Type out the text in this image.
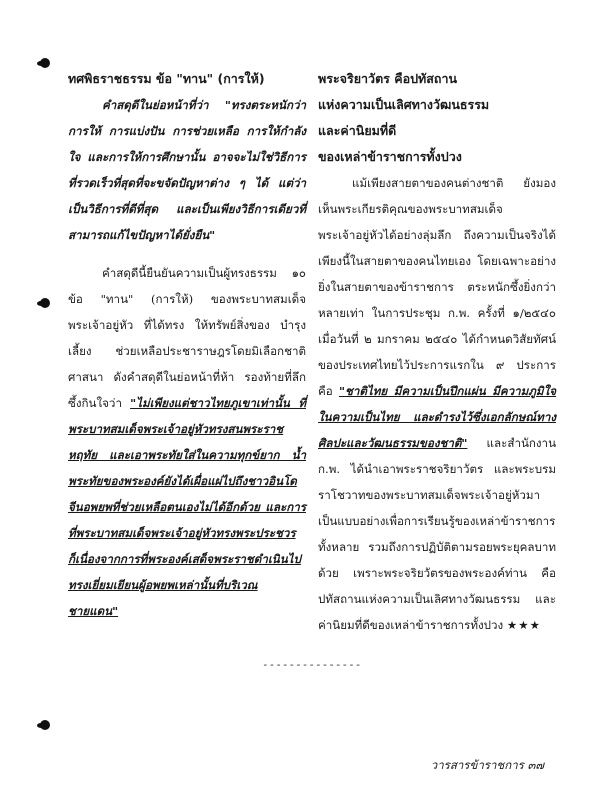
ทศพิธราชธรรม ข้อ "ทาน" (การให้)

คำสดุดีในย่อหน้าที่ว่า "ทรงตระหนักว่า การให้ การแบ่งปัน การช่วยเหลือ การให้กำลังใจ และการให้การศึกษานั้น อาจจะไม่ใช่วิธีการที่รวดเร็วที่สุดที่จะขจัดปัญหาต่าง ๆ ได้ แต่ว่า เป็นวิธีการที่ดีที่สุด และเป็นเพียงวิธีการเดียวที่สามารถแก้ไขปัญหาได้ยั่งยืน"

คำสดุดีนี้ยืนยันความเป็นผู้ทรงธรรม ๑๐ ข้อ "ทาน" (การให้) ของพระบาทสมเด็จพระเจ้าอยู่หัว ที่ได้ทรง ให้ทรัพย์สิ่งของ บำรุงเลี้ยง ช่วยเหลือประชาราษฎรโดยมิเลือกชาติศาสนา ดังคำสดุดีในย่อหน้าที่ห้า รองท้ายที่ลึกซึ้งกินใจว่า "ไม่เพียงแต่ชาวไทยภูเขาเท่านั้น ที่พระบาทสมเด็จพระเจ้าอยู่หัวทรงสนพระราชหฤทัย และเอาพระทัยใส่ในความทุกข์ยาก น้ำพระทัยของพระองค์ยังได้เผื่อแผ่ไปถึงชาวอินโดจีนอพยพที่ช่วยเหลือตนเองไม่ได้อีกด้วย และการที่พระบาทสมเด็จพระเจ้าอยู่หัวทรงพระประชวร ก็เนื่องจากการที่พระองค์เสด็จพระราชดำเนินไปทรงเยี่ยมเยียนผู้อพยพเหล่านั้นที่บริเวณชายแดน"

พระจริยาวัตร คือปทัสถาน
แห่งความเป็นเลิศทางวัฒนธรรม
และค่านิยมที่ดี
ของเหล่าข้าราชการทั้งปวง

แม้เพียงสายตาของคนต่างชาติ ยังมองเห็นพระเกียรติคุณของพระบาทสมเด็จพระเจ้าอยู่หัวได้อย่างลุ่มลึก ถึงความเป็นจริงได้เพียงนี้ในสายตาของคนไทยเอง โดยเฉพาะอย่างยิ่งในสายตาของข้าราชการ ตระหนักซึ้งยิ่งกว่าหลายเท่า ในการประชุม ก.พ. ครั้งที่ ๑/๒๕๔๐ เมื่อวันที่ ๒ มกราคม ๒๕๔๐ ได้กำหนดวิสัยทัศน์ของประเทศไทยไว้ประการแรกใน ๙ ประการ คือ "ชาติไทย มีความเป็นปึกแผ่น มีความภูมิใจในความเป็นไทย และดำรงไว้ซึ่งเอกลักษณ์ทางศิลปะและวัฒนธรรมของชาติ" และสำนักงาน ก.พ. ได้นำเอาพระราชจริยาวัตร และพระบรมราโชวาทของพระบาทสมเด็จพระเจ้าอยู่หัวมาเป็นแบบอย่างเพื่อการเรียนรู้ของเหล่าข้าราชการทั้งหลาย รวมถึงการปฏิบัติตามรอยพระยุคลบาทด้วย เพราะพระจริยวัตรของพระองค์ท่าน คือปทัสถานแห่งความเป็นเลิศทางวัฒนธรรม และค่านิยมที่ดีของเหล่าข้าราชการทั้งปวง ★★★

---------------
วารสารข้าราชการ ๓๗
